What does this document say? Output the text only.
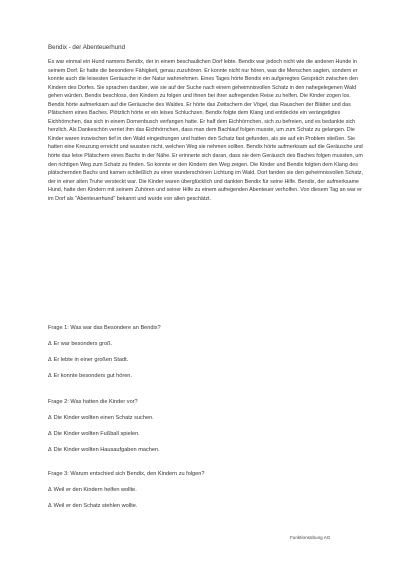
Bendix - der Abenteuerhund

Es war einmal ein Hund namens Bendix, der in einem beschaulichen Dorf lebte. Bendix war jedoch nicht wie die anderen Hunde in seinem Dorf. Er hatte die besondere Fähigkeit, genau zuzuhören. Er konnte nicht nur hören, was die Menschen sagten, sondern er konnte auch die leisesten Geräusche in der Natur wahrnehmen. Eines Tages hörte Bendix ein aufgeregtes Gespräch zwischen den Kindern des Dorfes. Sie sprachen darüber, wie sie auf der Suche nach einem geheimnisvollen Schatz in den nahegelegenen Wald gehen würden. Bendix beschloss, den Kindern zu folgen und ihnen bei ihrer aufregenden Reise zu helfen. Die Kinder zogen los. Bendix hörte aufmerksam auf die Geräusche des Waldes. Er hörte das Zwitschern der Vögel, das Rauschen der Blätter und das Plätschern eines Baches. Plötzlich hörte er ein leises Schluchzen. Bendix folgte dem Klang und entdeckte ein verängstigtes Eichhörnchen, das sich in einem Dornenbusch verfangen hatte. Er half dem Eichhörnchen, sich zu befreien, und es bedankte sich herzlich. Als Dankeschön verriet ihm das Eichhörnchen, dass man dem Bachlauf folgen musste, um zum Schatz zu gelangen. Die Kinder waren inzwischen tief in den Wald eingedrungen und hatten den Schatz fast gefunden, als sie auf ein Problem stießen. Sie hatten eine Kreuzung erreicht und wussten nicht, welchen Weg sie nehmen sollten. Bendix hörte aufmerksam auf die Geräusche und hörte das leise Plätschern eines Bachs in der Nähe. Er erinnerte sich daran, dass sie dem Geräusch des Baches folgen mussten, um den richtigen Weg zum Schatz zu finden. So konnte er den Kindern den Weg zeigen. Die Kinder und Bendix folgten dem Klang des plätschernden Bachs und kamen schließlich zu einer wunderschönen Lichtung im Wald. Dort fanden sie den geheimnisvollen Schatz, der in einer alten Truhe versteckt war. Die Kinder waren überglücklich und dankten Bendix für seine Hilfe. Bendix, der aufmerksame Hund, hatte den Kindern mit seinem Zuhören und seiner Hilfe zu einem aufregenden Abenteuer verholfen. Von diesem Tag an war er im Dorf als "Abenteuerhund" bekannt und wurde von allen geschätzt.

Frage 1: Was war das Besondere an Bendix?

Δ Er war besonders groß.
Δ Er lebte in einer großen Stadt.
Δ Er konnte besonders gut hören.

Frage 2: Was hatten die Kinder vor?

Δ Die Kinder wollten einen Schatz suchen.
Δ Die Kinder wollten Fußball spielen.
Δ Die Kinder wollten Hausaufgaben machen.

Frage 3: Warum entschied sich Bendix, den Kindern zu folgen?

Δ Weil er den Kindern helfen wollte.
Δ Weil er den Schatz stehlen wollte.
Funktionsübung AG
